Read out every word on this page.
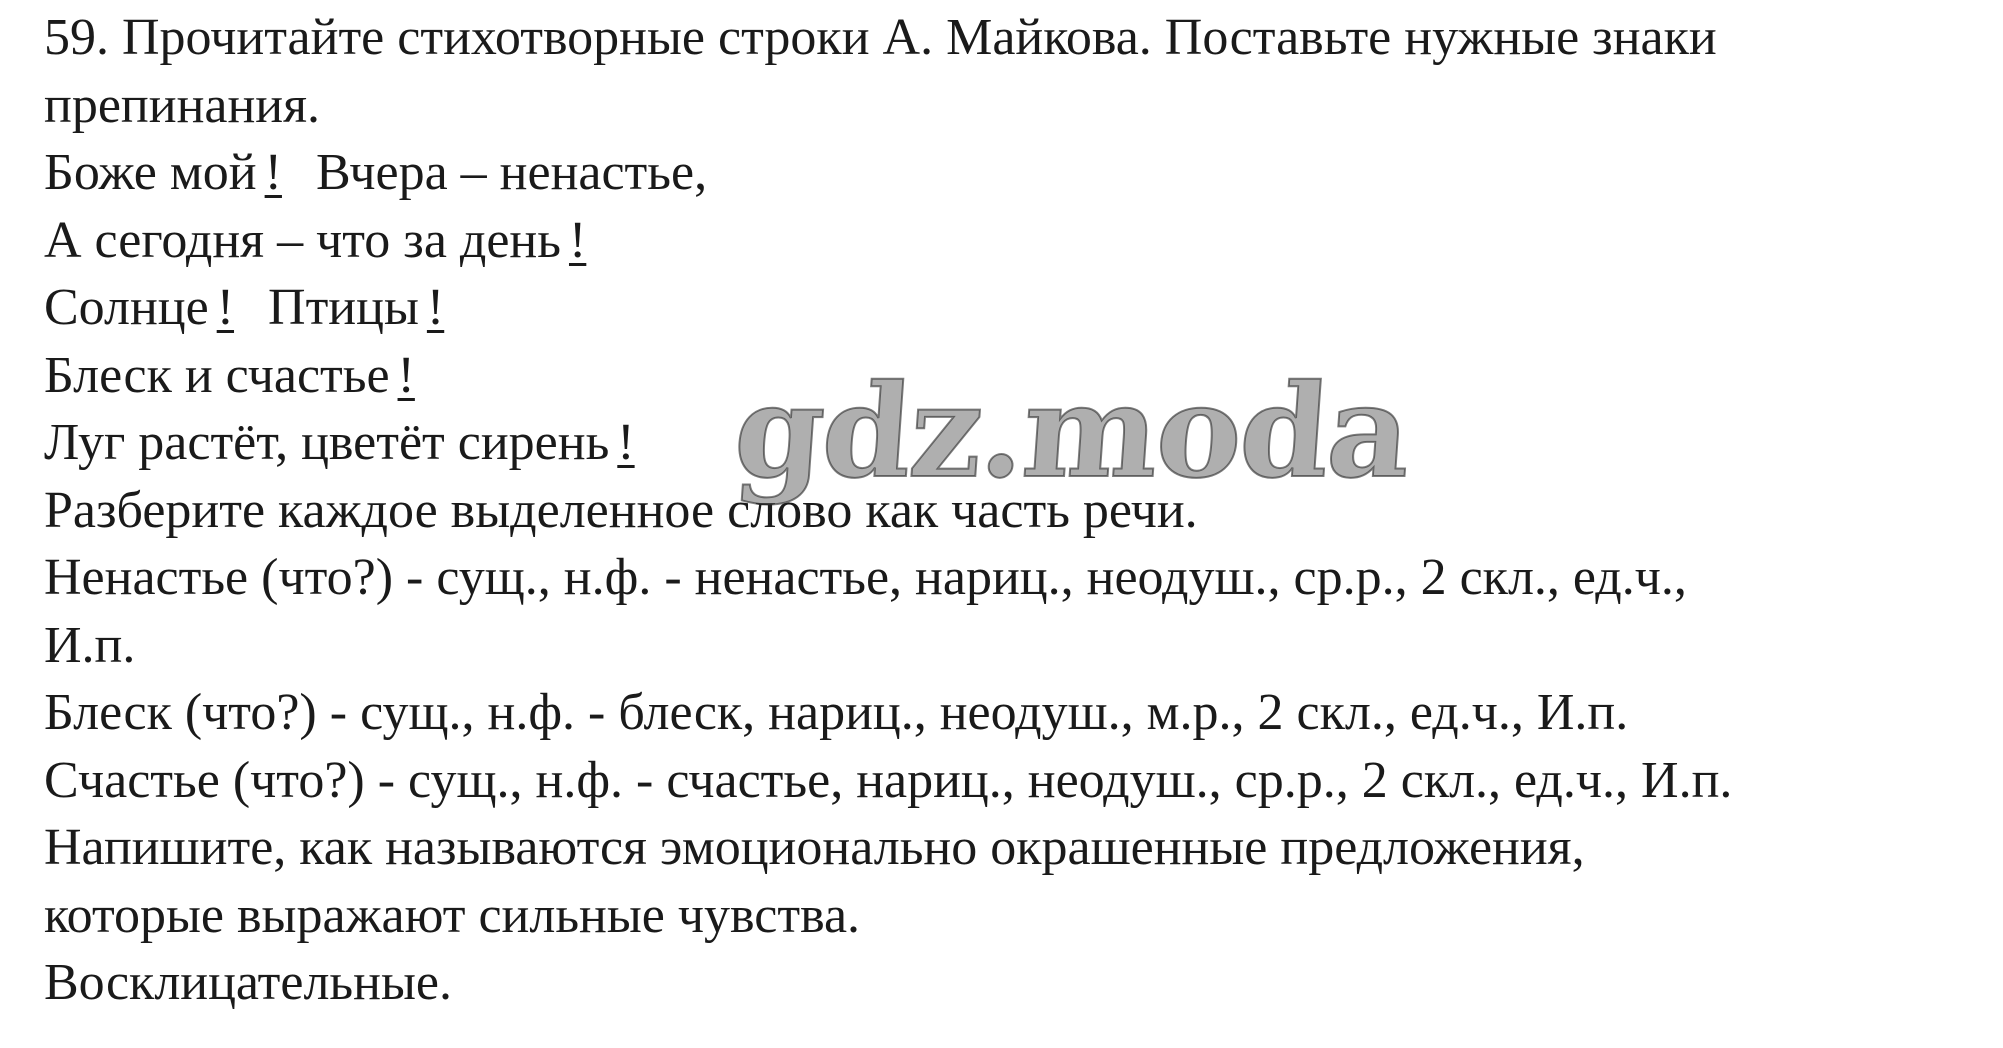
59. Прочитайте стихотворные строки А. Майкова. Поставьте нужные знаки
препинания.
Боже мой ! Вчера – ненастье,
А сегодня – что за день !
Солнце ! Птицы !
Блеск и счастье !
Луг растёт, цветёт сирень !
Разберите каждое выделенное слово как часть речи.
Ненастье (что?) - сущ., н.ф. - ненастье, нариц., неодуш., ср.р., 2 скл., ед.ч.,
И.п.
Блеск (что?) - сущ., н.ф. - блеск, нариц., неодуш., м.р., 2 скл., ед.ч., И.п.
Счастье (что?) - сущ., н.ф. - счастье, нариц., неодуш., ср.р., 2 скл., ед.ч., И.п.
Напишите, как называются эмоционально окрашенные предложения,
которые выражают сильные чувства.
Восклицательные.
gdz.moda
